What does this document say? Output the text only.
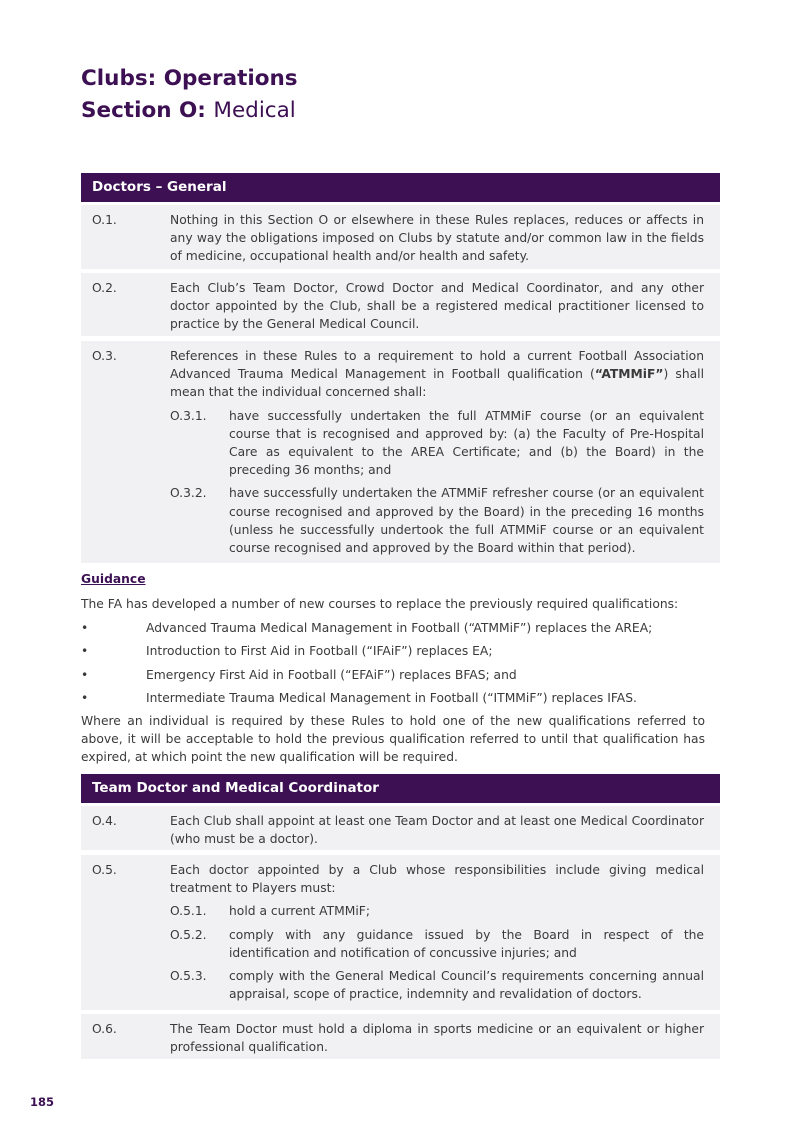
Clubs: Operations
Section O: Medical
Doctors – General
O.1.	Nothing in this Section O or elsewhere in these Rules replaces, reduces or affects in any way the obligations imposed on Clubs by statute and/or common law in the fields of medicine, occupational health and/or health and safety.
O.2.	Each Club’s Team Doctor, Crowd Doctor and Medical Coordinator, and any other doctor appointed by the Club, shall be a registered medical practitioner licensed to practice by the General Medical Council.
O.3.	References in these Rules to a requirement to hold a current Football Association Advanced Trauma Medical Management in Football qualification (“ATMMiF”) shall mean that the individual concerned shall:
O.3.1. have successfully undertaken the full ATMMiF course (or an equivalent course that is recognised and approved by: (a) the Faculty of Pre-Hospital Care as equivalent to the AREA Certificate; and (b) the Board) in the preceding 36 months; and
O.3.2. have successfully undertaken the ATMMiF refresher course (or an equivalent course recognised and approved by the Board) in the preceding 16 months (unless he successfully undertook the full ATMMiF course or an equivalent course recognised and approved by the Board within that period).
Guidance
The FA has developed a number of new courses to replace the previously required qualifications:
•	Advanced Trauma Medical Management in Football (“ATMMiF”) replaces the AREA;
•	Introduction to First Aid in Football (“IFAiF”) replaces EA;
•	Emergency First Aid in Football (“EFAiF”) replaces BFAS; and
•	Intermediate Trauma Medical Management in Football (“ITMMiF”) replaces IFAS.
Where an individual is required by these Rules to hold one of the new qualifications referred to above, it will be acceptable to hold the previous qualification referred to until that qualification has expired, at which point the new qualification will be required.
Team Doctor and Medical Coordinator
O.4.	Each Club shall appoint at least one Team Doctor and at least one Medical Coordinator (who must be a doctor).
O.5.	Each doctor appointed by a Club whose responsibilities include giving medical treatment to Players must:
O.5.1. hold a current ATMMiF;
O.5.2. comply with any guidance issued by the Board in respect of the identification and notification of concussive injuries; and
O.5.3. comply with the General Medical Council’s requirements concerning annual appraisal, scope of practice, indemnity and revalidation of doctors.
O.6.	The Team Doctor must hold a diploma in sports medicine or an equivalent or higher professional qualification.
185
